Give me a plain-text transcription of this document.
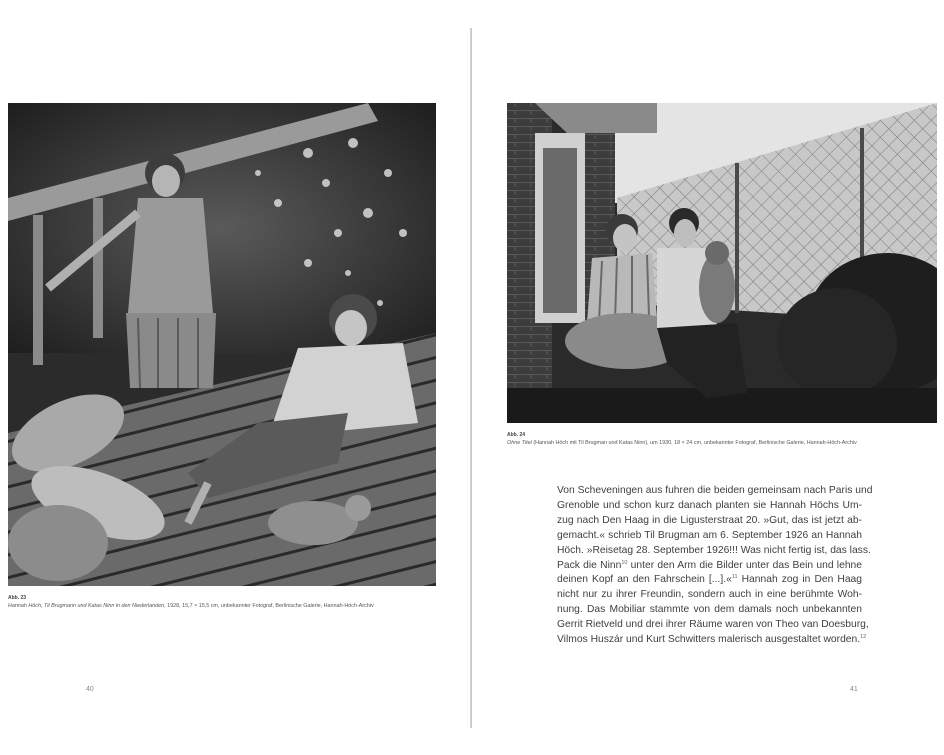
Abb. 23
Hannah Höch, Til Brugmann und Katas Ninn in den Niederlanden, 1928, 15,7 × 15,5 cm, unbekannter Fotograf, Berlinische Galerie, Hannah-Höch-Archiv
40
Abb. 24
Ohne Titel (Hannah Höch mit Til Brugman und Katas Ninn), um 1930, 18 × 24 cm, unbekannter Fotograf, Berlinische Galerie, Hannah-Höch-Archiv
Von Scheveningen aus fuhren die beiden gemeinsam nach Paris und
Grenoble und schon kurz danach planten sie Hannah Höchs Um-
zug nach Den Haag in die Ligusterstraat 20. »Gut, das ist jetzt ab-
gemacht.« schrieb Til Brugman am 6. September 1926 an Hannah
Höch. »Reisetag 28. September 1926!!! Was nicht fertig ist, das lass.
Pack die Ninn$^{10}$ unter den Arm die Bilder unter das Bein und lehne
deinen Kopf an den Fahrschein [...].«$^{11}$ Hannah zog in Den Haag
nicht nur zu ihrer Freundin, sondern auch in eine berühmte Woh-
nung. Das Mobiliar stammte von dem damals noch unbekannten
Gerrit Rietveld und drei ihrer Räume waren von Theo van Doesburg,
Vilmos Huszár und Kurt Schwitters malerisch ausgestaltet worden.$^{12}$
41
